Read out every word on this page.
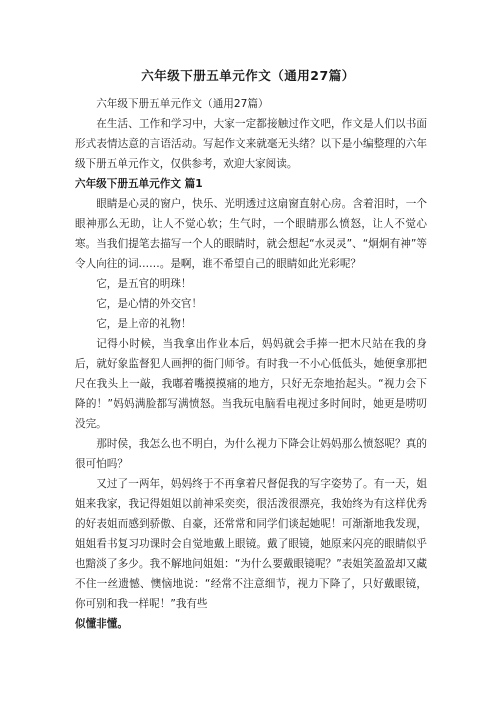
六年级下册五单元作文（通用27篇）

六年级下册五单元作文（通用27篇）

在生活、工作和学习中，大家一定都接触过作文吧，作文是人们以书面形式表情达意的言语活动。写起作文来就毫无头绪？以下是小编整理的六年级下册五单元作文，仅供参考，欢迎大家阅读。

六年级下册五单元作文 篇1

眼睛是心灵的窗户，快乐、光明透过这扇窗直射心房。含着泪时，一个眼神那么无助，让人不觉心软；生气时，一个眼睛那么愤怒，让人不觉心寒。当我们提笔去描写一个人的眼睛时，就会想起“水灵灵”、“炯炯有神”等令人向往的词……。是啊，谁不希望自己的眼睛如此光彩呢？

它，是五官的明珠！

它，是心情的外交官！

它，是上帝的礼物！

记得小时候，当我拿出作业本后，妈妈就会手捧一把木尺站在我的身后，就好象监督犯人画押的衙门师爷。有时我一不小心低低头，她便拿那把尺在我头上一敲，我嘟着嘴摸摸痛的地方，只好无奈地抬起头。“视力会下降的！”妈妈满脸都写满愤怒。当我玩电脑看电视过多时间时，她更是唠叨没完。

那时侯，我怎么也不明白，为什么视力下降会让妈妈那么愤怒呢？真的很可怕吗？

又过了一两年，妈妈终于不再拿着尺督促我的写字姿势了。有一天，姐姐来我家，我记得姐姐以前神采奕奕，很活泼很漂亮，我始终为有这样优秀的好表姐而感到骄傲、自豪，还常常和同学们谈起她呢！可渐渐地我发现，姐姐看书复习功课时会自觉地戴上眼镜。戴了眼镜，她原来闪亮的眼睛似乎也黯淡了多少。我不解地问姐姐：“为什么要戴眼镜呢？”表姐笑盈盈却又藏不住一丝遗憾、懊恼地说：“经常不注意细节，视力下降了，只好戴眼镜，你可别和我一样呢！”我有些

似懂非懂。
